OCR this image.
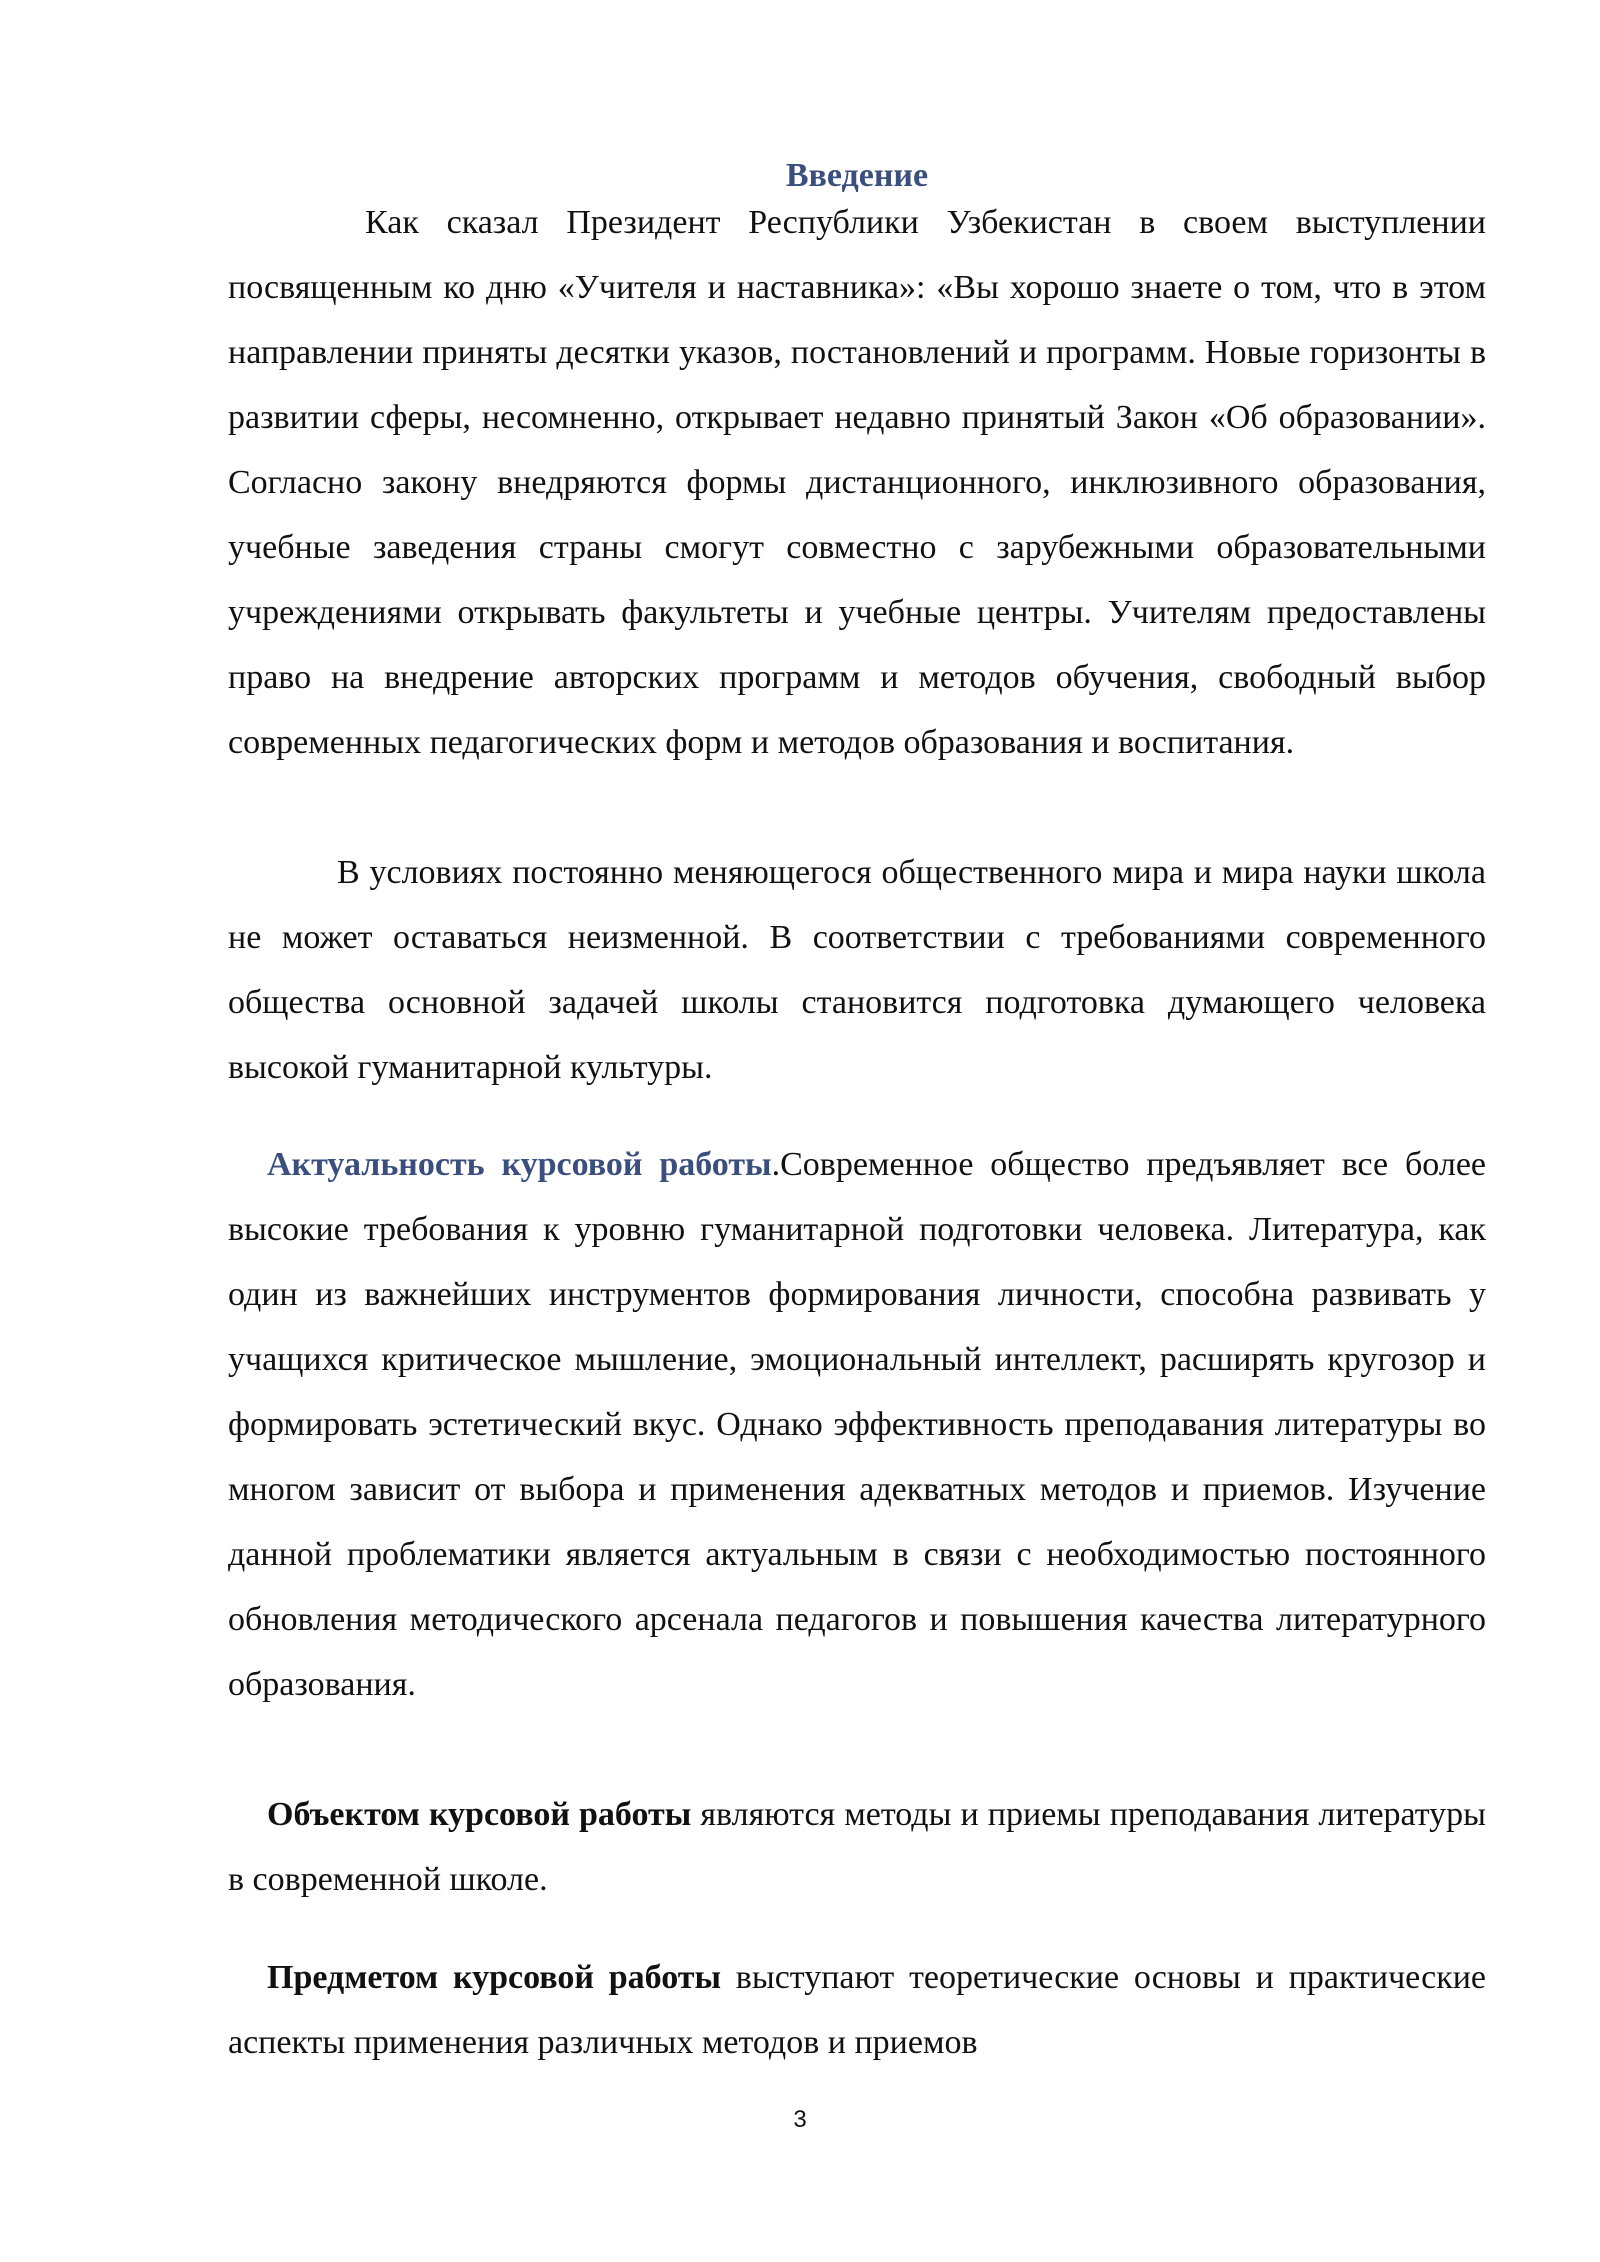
Введение

Как сказал Президент Республики Узбекистан в своем выступлении посвященным ко дню «Учителя и наставника»: «Вы хорошо знаете о том, что в этом направлении приняты десятки указов, постановлений и программ. Новые горизонты в развитии сферы, несомненно, открывает недавно принятый Закон «Об образовании». Согласно закону внедряются формы дистанционного, инклюзивного образования, учебные заведения страны смогут совместно с зарубежными образовательными учреждениями открывать факультеты и учебные центры. Учителям предоставлены право на внедрение авторских программ и методов обучения, свободный выбор современных педагогических форм и методов образования и воспитания.

В условиях постоянно меняющегося общественного мира и мира науки школа не может оставаться неизменной. В соответствии с требованиями современного общества основной задачей школы становится подготовка думающего человека высокой гуманитарной культуры.

Актуальность курсовой работы.Современное общество предъявляет все более высокие требования к уровню гуманитарной подготовки человека. Литература, как один из важнейших инструментов формирования личности, способна развивать у учащихся критическое мышление, эмоциональный интеллект, расширять кругозор и формировать эстетический вкус. Однако эффективность преподавания литературы во многом зависит от выбора и применения адекватных методов и приемов. Изучение данной проблематики является актуальным в связи с необходимостью постоянного обновления методического арсенала педагогов и повышения качества литературного образования.

Объектом курсовой работы являются методы и приемы преподавания литературы в современной школе.

Предметом курсовой работы выступают теоретические основы и практические аспекты применения различных методов и приемов

3
